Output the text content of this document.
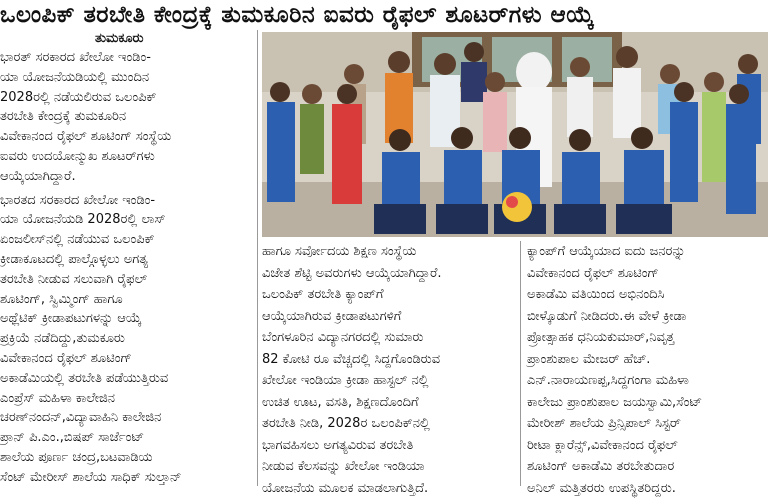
ಒಲಂಪಿಕ್ ತರಬೇತಿ ಕೇಂದ್ರಕ್ಕೆ ತುಮಕೂರಿನ ಐವರು ರೈಫಲ್ ಶೂಟರ್‌ಗಳು ಆಯ್ಕೆ
ತುಮಕೂರು
ಭಾರತ್ ಸರಕಾರದ ಖೇಲೋ ಇಂಡಿಂ-
ಯಾ ಯೋಜನೆಯಡಿಯಲ್ಲಿ ಮುಂದಿನ
2028ರಲ್ಲಿ ನಡೆಯಲಿರುವ ಒಲಂಪಿಕ್
ತರಬೇತಿ ಕೇಂದ್ರಕ್ಕೆ ತುಮಕೂರಿನ
ವಿವೇಕಾನಂದ ರೈಫಲ್ ಶೂಟಿಂಗ್ ಸಂಸ್ಥೆಯ
ಐವರು ಉದಯೋನ್ಮುಖ ಶೂಟರ್‌ಗಳು
ಆಯ್ಕೆಯಾಗಿದ್ದಾರೆ.
ಭಾರತದ ಸರಕಾರದ ಖೇಲೋ ಇಂಡಿಂ-
ಯಾ ಯೋಜನೆಯಡಿ 2028ರಲ್ಲಿ ಲಾಸ್
ಏಂಜಲೀಸ್‌ನಲ್ಲಿ ನಡೆಯುವ ಒಲಂಪಿಕ್
ಕ್ರೀಡಾಕೂಟದಲ್ಲಿ ಪಾಲ್ಗೊಳ್ಳಲು ಅಗತ್ಯ
ತರಬೇತಿ ನೀಡುವ ಸಲುವಾಗಿ ರೈಫಲ್
ಶೂಟಿಂಗ್, ಸ್ವಿಮ್ಮಿಂಗ್ ಹಾಗೂ
ಅಥ್ಲೆಟಿಕ್ ಕ್ರೀಡಾಪಟುಗಳನ್ನು ಆಯ್ಕೆ
ಪ್ರಕ್ರಿಯೆ ನಡೆದಿದ್ದು,ತುಮಕೂರು
ವಿವೇಕಾನಂದ ರೈಫಲ್ ಶೂಟಿಂಗ್
ಅಕಾಡೆಮಿಯಲ್ಲಿ ತರಬೇತಿ ಪಡೆಯುತ್ತಿರುವ
ಎಂಪ್ರೆಸ್ ಮಹಿಳಾ ಕಾಲೇಜಿನ
ಚರಣ್‌ನಂದನ್,ವಿದ್ಯಾವಾಹಿನಿ ಕಾಲೇಜಿನ
ಪ್ರಾನ್ ಪಿ.ಎಂ.,ಬಿಷಪ್ ಸಾರ್ಜೆಂಟ್
ಶಾಲೆಯ ಪೂರ್ಣ ಚಂದ್ರ,ಬಟವಾಡಿಯ
ಸೆಂಟ್ ಮೇರೀಸ್ ಶಾಲೆಯ ಸಾಧಿಕ್ ಸುಲ್ತಾನ್
ಹಾಗೂ ಸರ್ವೋದಯ ಶಿಕ್ಷಣ ಸಂಸ್ಥೆಯ
ವಿಜೇತ ಶೆಟ್ಟಿ ಅವರುಗಳು ಆಯ್ಕೆಯಾಗಿದ್ದಾರೆ.
ಒಲಂಪಿಕ್ ತರಬೇತಿ ಕ್ಯಾಂಪ್‌ಗೆ
ಆಯ್ಕೆಯಾಗಿರುವ ಕ್ರೀಡಾಪಟುಗಳಿಗೆ
ಬೆಂಗಳೂರಿನ ವಿದ್ಯಾನಗರದಲ್ಲಿ ಸುಮಾರು
82 ಕೋಟಿ ರೂ ವೆಚ್ಚದಲ್ಲಿ ಸಿದ್ದಗೊಂಡಿರುವ
ಖೇಲೋ ಇಂಡಿಯಾ ಕ್ರೀಡಾ ಹಾಸ್ಟಲ್ ನಲ್ಲಿ
ಉಚಿತ ಊಟ, ವಸತಿ, ಶಿಕ್ಷಣದೊಂದಿಗೆ
ತರಬೇತಿ ನೀಡಿ, 2028ರ ಒಲಂಪಿಕ್‌ನಲ್ಲಿ
ಭಾಗವಹಿಸಲು ಅಗತ್ಯವಿರುವ ತರಬೇತಿ
ನೀಡುವ ಕೆಲಸವನ್ನು ಖೇಲೋ ಇಂಡಿಯಾ
ಯೋಜನೆಯ ಮೂಲಕ ಮಾಡಲಾಗುತ್ತಿದೆ.
ಕ್ಯಾಂಪ್‌ಗೆ ಆಯ್ಕೆಯಾದ ಐದು ಜನರನ್ನು
ವಿವೇಕಾನಂದ ರೈಫಲ್ ಶೂಟಿಂಗ್
ಅಕಾಡೆಮಿ ವತಿಯಿಂದ ಅಭಿನಂದಿಸಿ
ಬೀಳ್ಕೊಡುಗೆ ನೀಡಿದರು.ಈ ವೇಳೆ ಕ್ರೀಡಾ
ಪ್ರೋತ್ಸಾಹಕ ಧನಿಯಕುಮಾರ್,ನಿವೃತ್ತ
ಪ್ರಾಂಶುಪಾಲ ಮೇಜರ್ ಹೆಚ್.
ಎನ್.ನಾರಾಯಣಪ್ಪ,ಸಿದ್ದಗಂಗಾ ಮಹಿಳಾ
ಕಾಲೇಜು ಪ್ರಾಂಶುಪಾಲ ಜಯಸ್ವಾಮಿ,ಸೆಂಟ್
ಮೇರೀಶ್ ಶಾಲೆಯ ಪ್ರಿನ್ಸಿಪಾಲ್ ಸಿಸ್ಟರ್
ರೀಟಾ ಕ್ಲಾರೆನ್ಸ್,ವಿವೇಕಾನಂದ ರೈಫಲ್
ಶೂಟಿಂಗ್ ಅಕಾಡೆಮಿ ತರಬೇತುದಾರ
ಅನಿಲ್ ಮತ್ತಿತರರು ಉಪಸ್ಥಿತರಿದ್ದರು.
